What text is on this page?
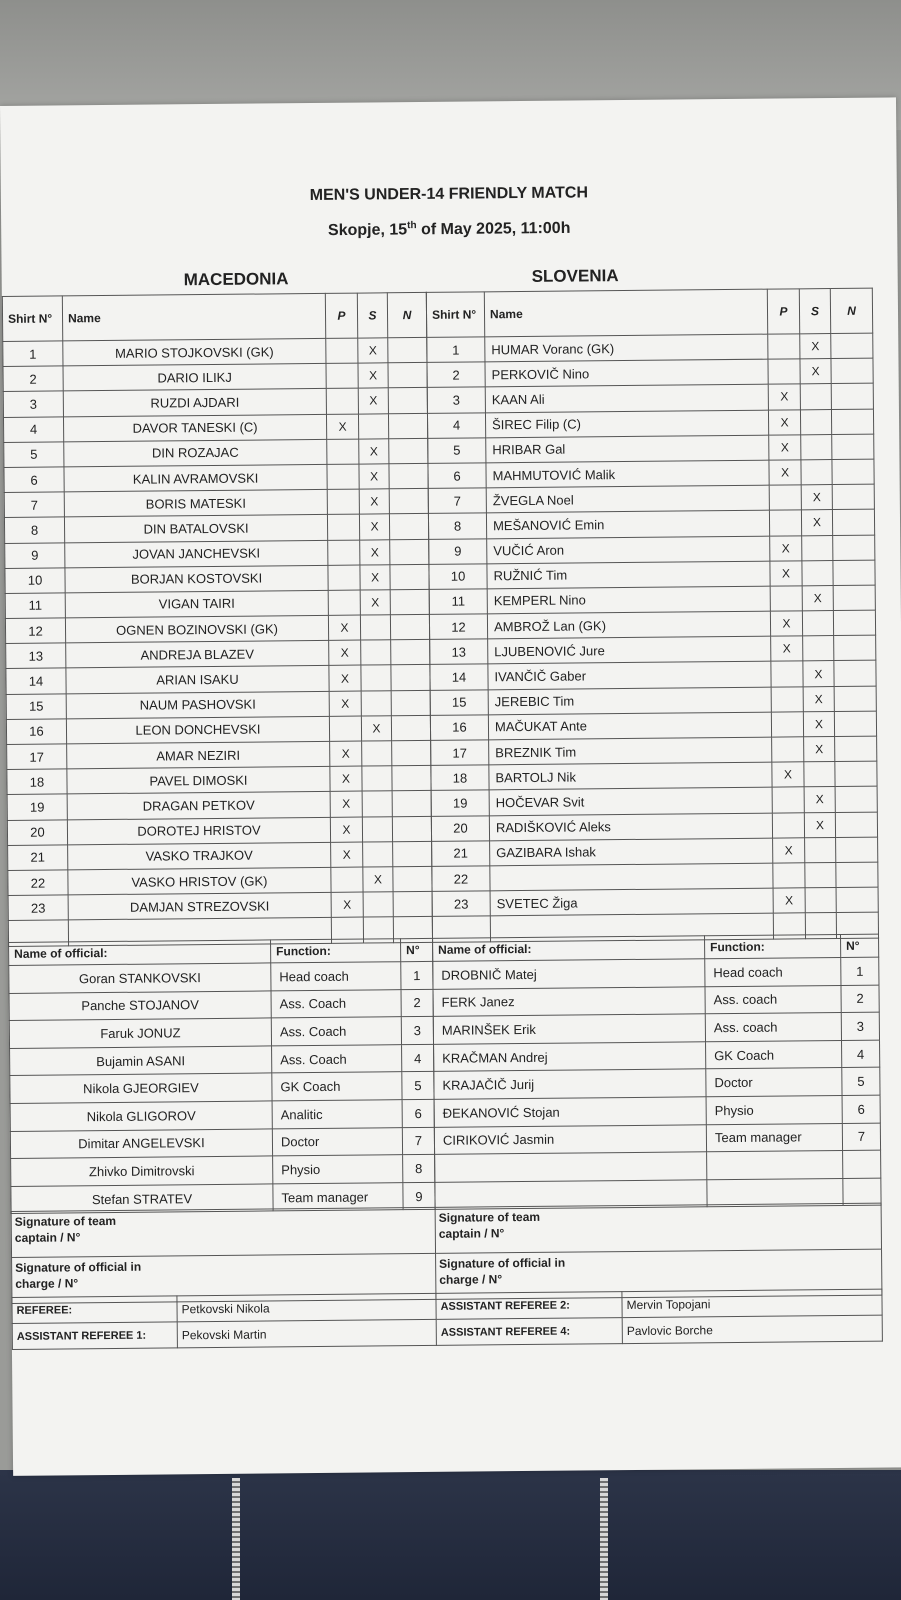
MEN'S UNDER-14 FRIENDLY MATCH
Skopje, 15th of May 2025, 11:00h
MACEDONIA	SLOVENIA
Shirt N°	Name	P	S	N
1	MARIO STOJKOVSKI (GK)		X	
2	DARIO ILIKJ		X	
3	RUZDI AJDARI		X	
4	DAVOR TANESKI (C)	X		
5	DIN ROZAJAC		X	
6	KALIN AVRAMOVSKI		X	
7	BORIS MATESKI		X	
8	DIN BATALOVSKI		X	
9	JOVAN JANCHEVSKI		X	
10	BORJAN KOSTOVSKI		X	
11	VIGAN TAIRI		X	
12	OGNEN BOZINOVSKI (GK)	X		
13	ANDREJA BLAZEV	X		
14	ARIAN ISAKU	X		
15	NAUM PASHOVSKI	X		
16	LEON DONCHEVSKI		X	
17	AMAR NEZIRI	X		
18	PAVEL DIMOSKI	X		
19	DRAGAN PETKOV	X		
20	DOROTEJ HRISTOV	X		
21	VASKO TRAJKOV	X		
22	VASKO HRISTOV (GK)		X	
23	DAMJAN STREZOVSKI	X		

Shirt N°	Name	P	S	N
1	HUMAR Voranc (GK)		X	
2	PERKOVIČ Nino		X	
3	KAAN Ali	X		
4	ŠIREC Filip (C)	X		
5	HRIBAR Gal	X		
6	MAHMUTOVIĆ Malik	X		
7	ŽVEGLA Noel		X	
8	MEŠANOVIĆ Emin		X	
9	VUČIĆ Aron	X		
10	RUŽNIĆ Tim	X		
11	KEMPERL Nino		X	
12	AMBROŽ Lan (GK)	X		
13	LJUBENOVIĆ Jure	X		
14	IVANČIČ Gaber		X	
15	JEREBIC Tim		X	
16	MAČUKAT Ante		X	
17	BREZNIK Tim		X	
18	BARTOLJ Nik	X		
19	HOČEVAR Svit		X	
20	RADIŠKOVIĆ Aleks		X	
21	GAZIBARA Ishak	X		
22				
23	SVETEC Žiga	X		

Name of official:	Function:	N°
Goran STANKOVSKI	Head coach	1
Panche STOJANOV	Ass. Coach	2
Faruk JONUZ	Ass. Coach	3
Bujamin ASANI	Ass. Coach	4
Nikola GJEORGIEV	GK Coach	5
Nikola GLIGOROV	Analitic	6
Dimitar ANGELEVSKI	Doctor	7
Zhivko Dimitrovski	Physio	8
Stefan STRATEV	Team manager	9
Name of official:	Function:	N°
DROBNIČ Matej	Head coach	1
FERK Janez	Ass. coach	2
MARINŠEK Erik	Ass. coach	3
KRAČMAN Andrej	GK Coach	4
KRAJAČIČ Jurij	Doctor	5
ĐEKANOVIĆ Stojan	Physio	6
CIRIKOVIĆ Jasmin	Team manager	7

Signature of team captain / N°	Signature of team captain / N°

Signature of official in charge / N°	Signature of official in charge / N°
REFEREE:	Petkovski Nikola	ASSISTANT REFEREE 2:	Mervin Topojani
ASSISTANT REFEREE 1:	Pekovski Martin	ASSISTANT REFEREE 4:	Pavlovic Borche
